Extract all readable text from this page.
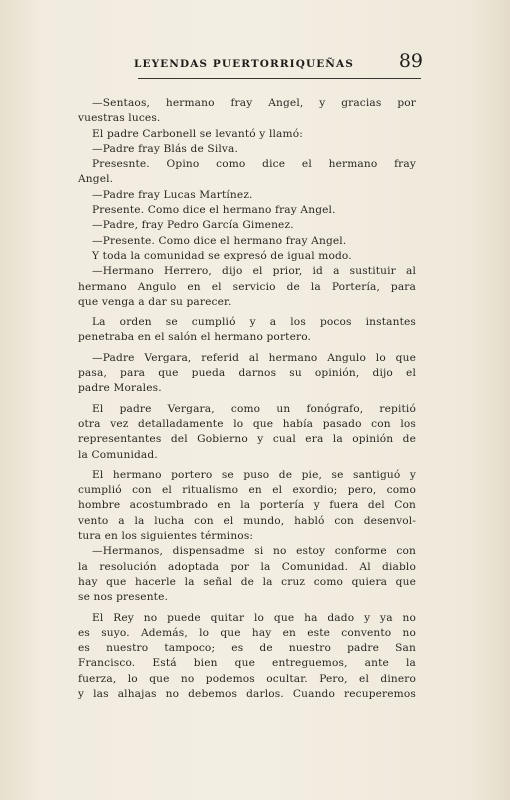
LEYENDAS PUERTORRIQUEÑAS 89
—Sentaos, hermano fray Angel, y gracias por
vuestras luces.
El padre Carbonell se levantó y llamó:
—Padre fray Blás de Silva.
Presesnte. Opino como dice el hermano fray
Angel.
—Padre fray Lucas Martínez.
Presente. Como dice el hermano fray Angel.
—Padre, fray Pedro García Gimenez.
—Presente. Como dice el hermano fray Angel.
Y toda la comunidad se expresó de igual modo.
—Hermano Herrero, dijo el prior, id a sustituir al
hermano Angulo en el servicio de la Portería, para
que venga a dar su parecer.
La orden se cumplió y a los pocos instantes
penetraba en el salón el hermano portero.
—Padre Vergara, referid al hermano Angulo lo que
pasa, para que pueda darnos su opinión, dijo el
padre Morales.
El padre Vergara, como un fonógrafo, repitió
otra vez detalladamente lo que había pasado con los
representantes del Gobierno y cual era la opinión de
la Comunidad.
El hermano portero se puso de pie, se santiguó y
cumplió con el ritualismo en el exordio; pero, como
hombre acostumbrado en la portería y fuera del Con
vento a la lucha con el mundo, habló con desenvol-
tura en los siguientes términos:
—Hermanos, dispensadme si no estoy conforme con
la resolución adoptada por la Comunidad. Al diablo
hay que hacerle la señal de la cruz como quiera que
se nos presente.
El Rey no puede quitar lo que ha dado y ya no
es suyo. Además, lo que hay en este convento no
es nuestro tampoco; es de nuestro padre San
Francisco. Está bien que entreguemos, ante la
fuerza, lo que no podemos ocultar. Pero, el dinero
y las alhajas no debemos darlos. Cuando recuperemos
